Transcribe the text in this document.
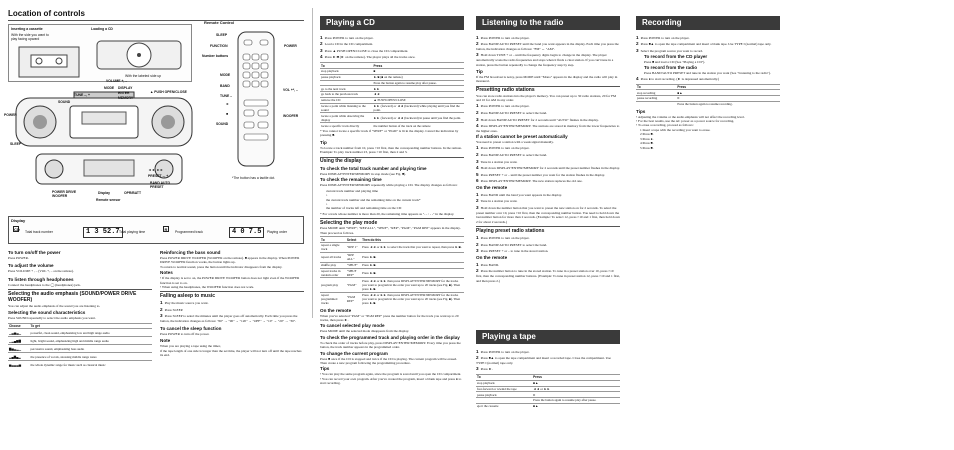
Location of controls
Inserting a cassette
With the side you want to play facing upward
Loading a CD
With the labeled side up
VOLUME +, –
MODE DISPLAY
ENTER
MEMORY
TUNE –, +
SOUND
POWER
▲ PUSH OPEN/CLOSE
SLEEP
POWER DRIVE WOOFER
Display
Remote sensor
OPR/BATT
◄◄, ►►
PRESET –, +
BAND AUTO PRESET
Remote Control
SLEEP
FUNCTION
Number buttons
MODE
BAND
TUNE –
►
■
SOUND
POWER
VOL +*, –
WOOFER
*The button has a tactile dot.
Display
CD Total track number	1 3 52.7 Total playing time	R	Programmed track	4 0 7.5	Playing order
To turn on/off the power
Press POWER.
To adjust the volume
Press VOLUME + , – (VOL +, – on the remote).
To listen through headphones
Connect the headphones to the ◯ (headphones) jack.
Selecting the audio emphasis (SOUND/POWER DRIVE WOOFER)
You can adjust the audio emphasis of the sound you are listening to.
Selecting the sound characteristics
Press SOUND repeatedly to select the audio emphasis you want.
Choose	To get
▁▃▅▃▁	powerful, clean sound, emphasizing low and high range audio
▁▂▄▆▇	light, bright sound, emphasizing high and middle range audio
▇▅▃▂▁	percussive sound, emphasizing bass audio
▂▄▇▄▂	the presence of vocals, stressing middle range tones
▅▃▃▃▅	the whole dynamic range for music such as classical music
Reinforcing the bass sound
Press POWER DRIVE WOOFER (WOOFER on the remote). ■ appears in the display. When POWER DRIVE WOOFER function works, the button lights up.
To return to normal sound, press the button until the indicator disappears from the display.
Notes
• If the display is set to on, the POWER DRIVE WOOFER button does not light even if the WOOFER function is set to on.
• When using the headphones, the WOOFER function does not work.
Falling asleep to music
1 Play the music source you want.
2 Press SLEEP.
3 Press SLEEP to select the minutes until the player goes off automatically. Each time you press the button, the indication changes as follows: "60" → "90" → "120" → "OFF" → "10" → "20" → "30".
To cancel the sleep function
Press POWER to turn off the power.
Note
When you are playing a tape using the timer,
if the tape length of one side is longer than the set time, the player will not turn off until the tape reaches its end.
Playing a CD
1 Press POWER to turn on the player.
2 Load a CD in the CD compartment.
3 Press ▲ PUSH OPEN/CLOSE to close the CD compartment.
4 Press ►/■ (► on the remote). The player plays all the tracks once.
To	Press
stop playback	■
pause playback	►/■ (■ on the remote)
	Press the button again to resume play after pause.
go to the next track	►►
go back to the previous track	◄◄
remove the CD	▲ PUSH OPEN/CLOSE
locate a point while listening to the sound	►► (forward) or ◄◄ (backward) while playing until you find the point.
locate a point while observing the display	►► (forward) or ◄◄ (backward) in pause until you find the point.
locate a specific track directly	the number button of the track on the remote
* You cannot locate a specific track if "SHUF" or "PGM" is lit in the display. Cancel the indication by pressing ■.
Tip
To locate a track number from 10, press >10 first, then the corresponding number buttons. In the remote.
Example: To play track number 23, press >10 first, then 2 and 3.
Using the display
To check the total track number and playing time
Press DISPLAY•ENTER•MEMORY in stop mode (see Fig. ■).
To check the remaining time
Press DISPLAY•ENTER•MEMORY repeatedly while playing a CD. The display changes as follows:
current track number and playing time
↓
the current track number and the remaining time on the current track*
↓
the number of tracks left and remaining time on the CD
* For a track whose number is more than 20, the remaining time appears as "- - : - -" in the display.
Selecting the play mode
Press MODE until "SHUF", "REP ALL", "SHUF", "REP", "PGM", "PGM REP" appears in the display. Then proceed as follows.
To	Select	Then do this
repeat a single track	"REP 1"	Press ◄◄ or ►► to select the track that you want to repeat, then press ►/■.
repeat all tracks	"REP ALL"	Press ►/■.
shuffle play	"SHUF"	Press ►/■.
repeat tracks in random order	"SHUF REP"	Press ►/■.
program play	"PGM"	Press ◄◄ or ►► then press DISPLAY•ENTER•MEMORY for the tracks you want to program in the order you want up to 20 tracks (see Fig. ■). Then press ►/■.
repeat programmed tracks	"PGM REP"	Press ◄◄ or ►► then press DISPLAY•ENTER•MEMORY for the tracks you want to program in the order you want up to 20 tracks (see Fig. ■). Then press ►/■.
On the remote
When you've selected "PGM" or "PGM REP" press the number button for the track you want up to 20 tracks, then press ►.
To cancel selected play mode
Press MODE until the selected mode disappears from the display.
To check the programmed track and playing order in the display
To check the order of tracks before play, press DISPLAY•ENTER•MEMORY. Every time you press the button, the track number appears in the programmed order.
To change the current program
Press ■ once if the CD is stopped and twice if the CD is playing. The current program will be erased. Then create a new program following the programming procedure.
Tips
• You can play the same program again, since the program is saved until you open the CD compartment.
• You can record your own program. After you've created the program, insert a blank tape and press ● to start recording.
Listening to the radio
1 Press POWER to turn on the player.
2 Press BAND•AUTO PRESET until the band you want appears in the display. Each time you press the button, the indication changes as follows: "FM" ↔ "AM".
3 Hold down TUNE + or – until the frequency digits begin to change in the display. The player automatically scans the radio frequencies and stops when it finds a clear station. If you can't tune in a station, press the button repeatedly to change the frequency step by step.
Tip
If the FM broadcast is noisy, press MODE until "Mono" appears in the display and the radio will play in monaural.
Presetting radio stations
You can store radio stations into the player's memory. You can preset up to 30 radio stations, 20 for FM and 10 for AM in any order.
1 Press POWER to turn on the player.
2 Press BAND•AUTO PRESET to select the band.
3 Hold down BAND•AUTO PRESET for 2 seconds until "AUTO" flashes in the display.
4 Press DISPLAY•ENTER•MEMORY. The stations are stored in memory from the lower frequencies to the higher ones.
If a station cannot be preset automatically
You need to preset a station with a weak signal manually.
1 Press POWER to turn on the player.
2 Press BAND•AUTO PRESET to select the band.
3 Tune in a station you want.
4 Hold down DISPLAY•ENTER•MEMORY for 2 seconds until the preset number flashes in the display.
5 Press PRESET + or – until the preset number you want for the station flashes in the display.
6 Press DISPLAY•ENTER•MEMORY. The new station replaces the old one.
On the remote
1 Press BAND until the band you want appears in the display.
2 Tune in a station you want.
3 Hold down the number button that you want to preset the new station on for 2 seconds. To select the preset number over 10, press >10 first, then the corresponding number button. You need to hold down the last number button for more than 2 seconds. (Example: To select 12, press >10 and 1 first, then hold down 2 for about 2 seconds.)
Playing preset radio stations
1 Press POWER to turn on the player.
2 Press BAND•AUTO PRESET to select the band.
3 Press PRESET + or – to tune in the stored station.
On the remote
1 Press BAND.
2 Press the number button to tune in the stored station. To tune in a preset station over 10, press >10 first, then the corresponding number buttons. (Example: To tune in preset station 12, press >10 and 1 first, and then press 2.)
Playing a tape
1 Press POWER to turn on the player.
2 Press ■▲ to open the tape compartment and insert a recorded tape. Close the compartment. Use TYPE I (normal) tape only.
3 Press ►.
To	Press
stop playback	■▲
fast-forward or rewind the tape	◄◄ or ►►
pause playback	II
	Press the button again to resume play after pause.
eject the cassette	■▲
Recording
1 Press POWER to turn on the player.
2 Press ■▲ to open the tape compartment and insert a blank tape. Use TYPE I (normal) tape only.
3 Select the program source you want to record.
To record from the CD player
Press ■ and load a CD (See "Playing a CD").
To record from the radio
Press BAND•AUTO PRESET and tune in the station you want (See "Listening to the radio").
4 Press ● to start recording. (► is depressed automatically.)
To	Press
stop recording	■▲
pause recording	II
	Press the button again to resume recording.
Tips
• Adjusting the volume or the audio emphasis will not affect the recording level.
• For the best results, use the AC power as a power source for recording.
• To erase a recording, proceed as follows:
1 Insert a tape with the recording you want to erase.
2 Press ■.
3 Press ●.
4 Press ■.
5 Press ■.
